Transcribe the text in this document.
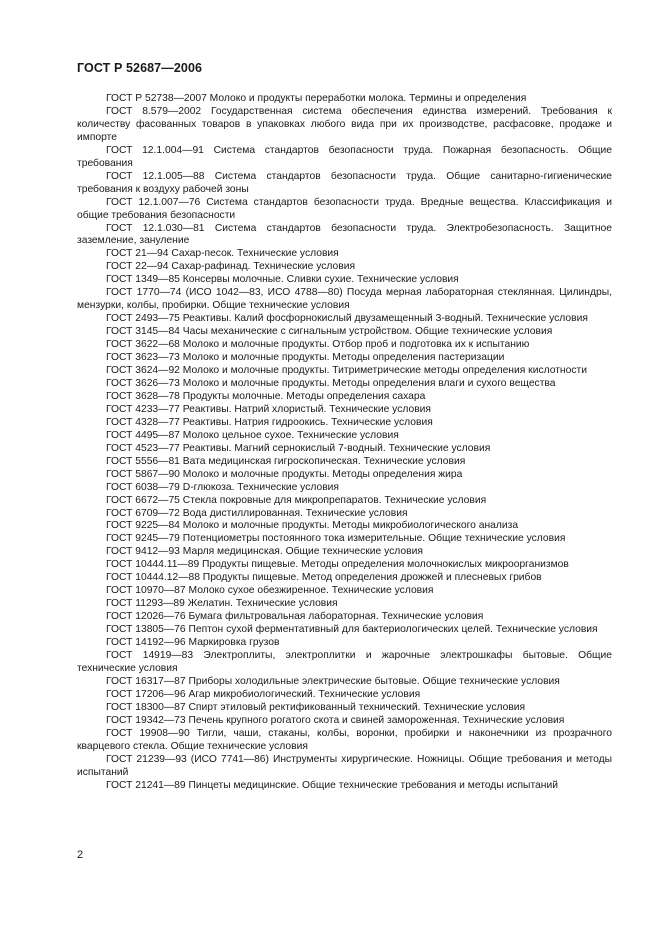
ГОСТ Р 52687—2006

ГОСТ Р 52738—2007 Молоко и продукты переработки молока. Термины и определения

ГОСТ 8.579—2002 Государственная система обеспечения единства измерений. Требования к количеству фасованных товаров в упаковках любого вида при их производстве, расфасовке, продаже и импорте

ГОСТ 12.1.004—91 Система стандартов безопасности труда. Пожарная безопасность. Общие требования

ГОСТ 12.1.005—88 Система стандартов безопасности труда. Общие санитарно-гигиенические требования к воздуху рабочей зоны

ГОСТ 12.1.007—76 Система стандартов безопасности труда. Вредные вещества. Классификация и общие требования безопасности

ГОСТ 12.1.030—81 Система стандартов безопасности труда. Электробезопасность. Защитное заземление, зануление

ГОСТ 21—94 Сахар-песок. Технические условия

ГОСТ 22—94 Сахар-рафинад. Технические условия

ГОСТ 1349—85 Консервы молочные. Сливки сухие. Технические условия

ГОСТ 1770—74 (ИСО 1042—83, ИСО 4788—80) Посуда мерная лабораторная стеклянная. Цилиндры, мензурки, колбы, пробирки. Общие технические условия

ГОСТ 2493—75 Реактивы. Калий фосфорнокислый двузамещенный 3-водный. Технические условия

ГОСТ 3145—84 Часы механические с сигнальным устройством. Общие технические условия

ГОСТ 3622—68 Молоко и молочные продукты. Отбор проб и подготовка их к испытанию

ГОСТ 3623—73 Молоко и молочные продукты. Методы определения пастеризации

ГОСТ 3624—92 Молоко и молочные продукты. Титриметрические методы определения кислотности

ГОСТ 3626—73 Молоко и молочные продукты. Методы определения влаги и сухого вещества

ГОСТ 3628—78 Продукты молочные. Методы определения сахара

ГОСТ 4233—77 Реактивы. Натрий хлористый. Технические условия

ГОСТ 4328—77 Реактивы. Натрия гидроокись. Технические условия

ГОСТ 4495—87 Молоко цельное сухое. Технические условия

ГОСТ 4523—77 Реактивы. Магний сернокислый 7-водный. Технические условия

ГОСТ 5556—81 Вата медицинская гигроскопическая. Технические условия

ГОСТ 5867—90 Молоко и молочные продукты. Методы определения жира

ГОСТ 6038—79 D-глюкоза. Технические условия

ГОСТ 6672—75 Стекла покровные для микропрепаратов. Технические условия

ГОСТ 6709—72 Вода дистиллированная. Технические условия

ГОСТ 9225—84 Молоко и молочные продукты. Методы микробиологического анализа

ГОСТ 9245—79 Потенциометры постоянного тока измерительные. Общие технические условия

ГОСТ 9412—93 Марля медицинская. Общие технические условия

ГОСТ 10444.11—89 Продукты пищевые. Методы определения молочнокислых микроорганизмов

ГОСТ 10444.12—88 Продукты пищевые. Метод определения дрожжей и плесневых грибов

ГОСТ 10970—87 Молоко сухое обезжиренное. Технические условия

ГОСТ 11293—89 Желатин. Технические условия

ГОСТ 12026—76 Бумага фильтровальная лабораторная. Технические условия

ГОСТ 13805—76 Пептон сухой ферментативный для бактериологических целей. Технические условия

ГОСТ 14192—96 Маркировка грузов

ГОСТ 14919—83 Электроплиты, электроплитки и жарочные электрошкафы бытовые. Общие технические условия

ГОСТ 16317—87 Приборы холодильные электрические бытовые. Общие технические условия

ГОСТ 17206—96 Агар микробиологический. Технические условия

ГОСТ 18300—87 Спирт этиловый ректификованный технический. Технические условия

ГОСТ 19342—73 Печень крупного рогатого скота и свиней замороженная. Технические условия

ГОСТ 19908—90 Тигли, чаши, стаканы, колбы, воронки, пробирки и наконечники из прозрачного кварцевого стекла. Общие технические условия

ГОСТ 21239—93 (ИСО 7741—86) Инструменты хирургические. Ножницы. Общие требования и методы испытаний

ГОСТ 21241—89 Пинцеты медицинские. Общие технические требования и методы испытаний

2
